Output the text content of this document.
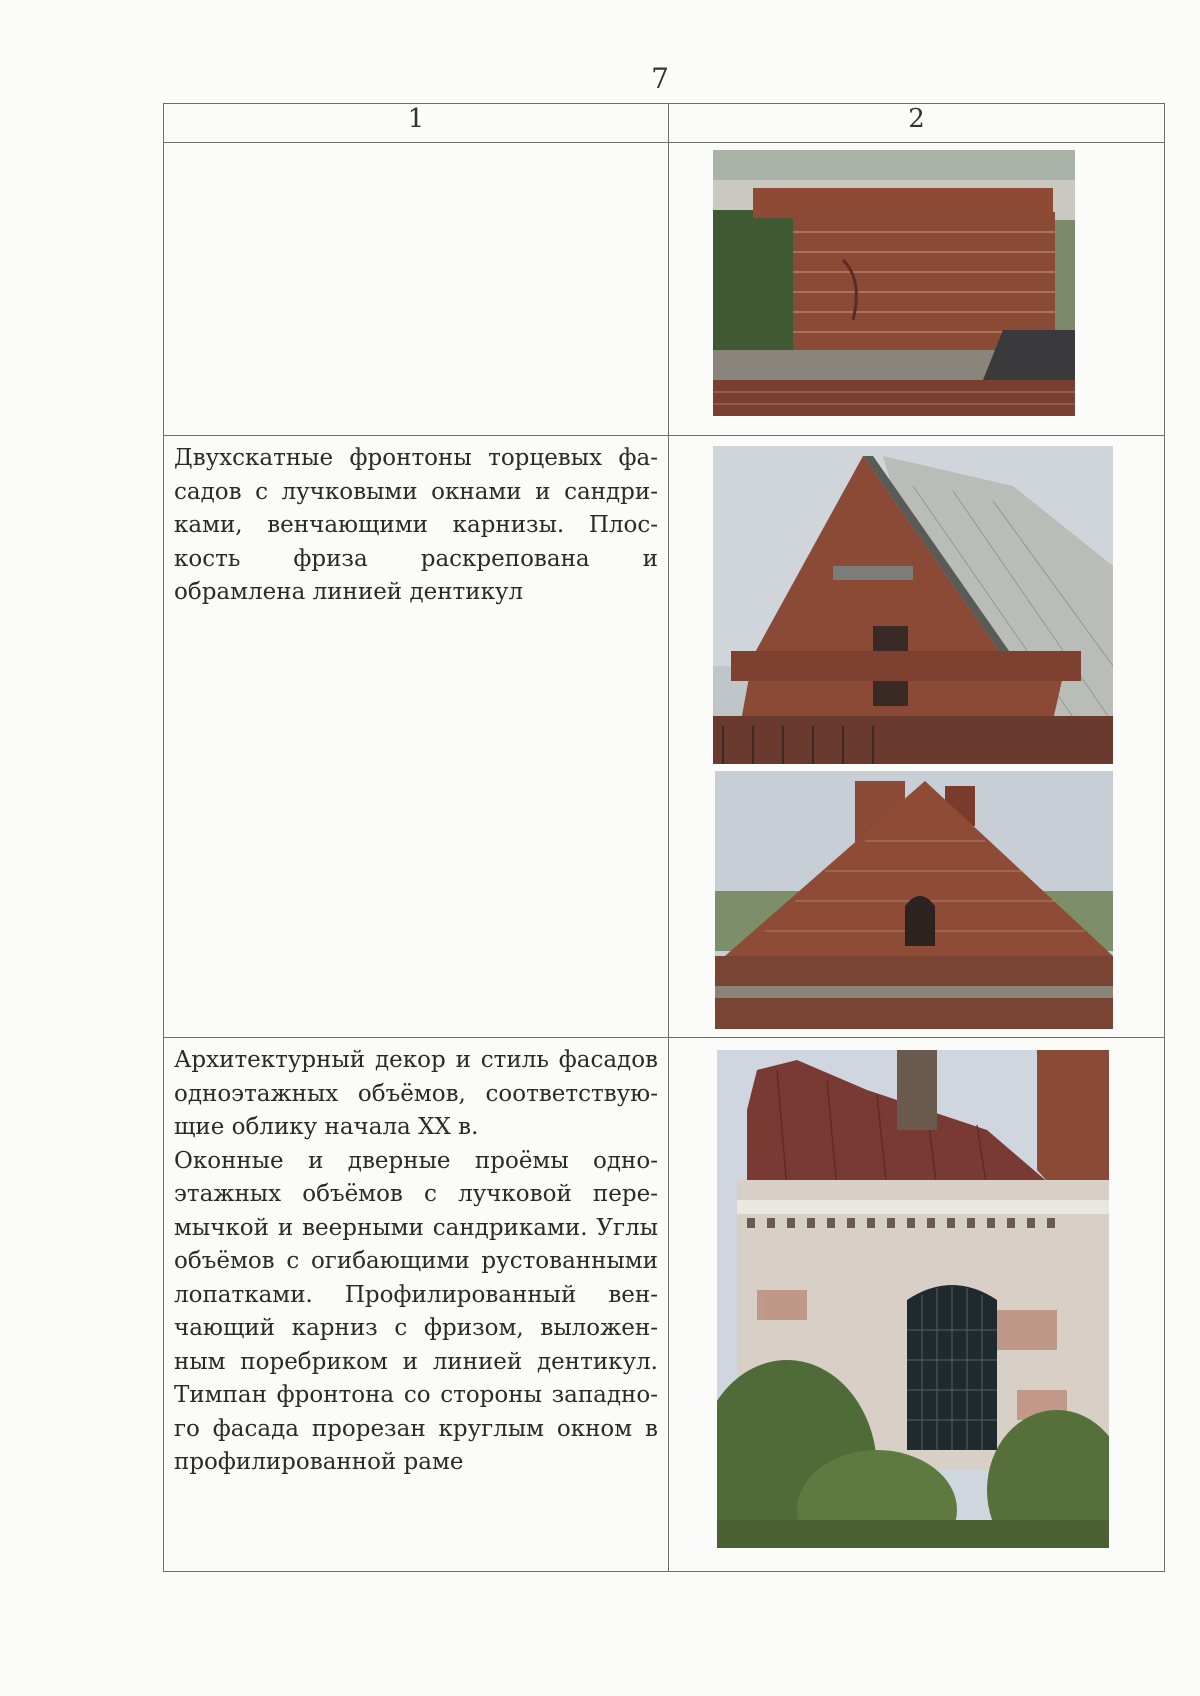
7
1	2

Двухскатные фронтоны торцевых фасадов с лучковыми окнами и сандриками, венчающими карнизы. Плоскость фриза раскрепована и обрамлена линией дентикул

Архитектурный декор и стиль фасадов одноэтажных объёмов, соответствующие облику начала XX в.

Оконные и дверные проёмы одноэтажных объёмов с лучковой перемычкой и веерными сандриками. Углы объёмов с огибающими рустованными лопатками. Профилированный венчающий карниз с фризом, выложенным поребриком и линией дентикул. Тимпан фронтона со стороны западного фасада прорезан круглым окном в профилированной раме
